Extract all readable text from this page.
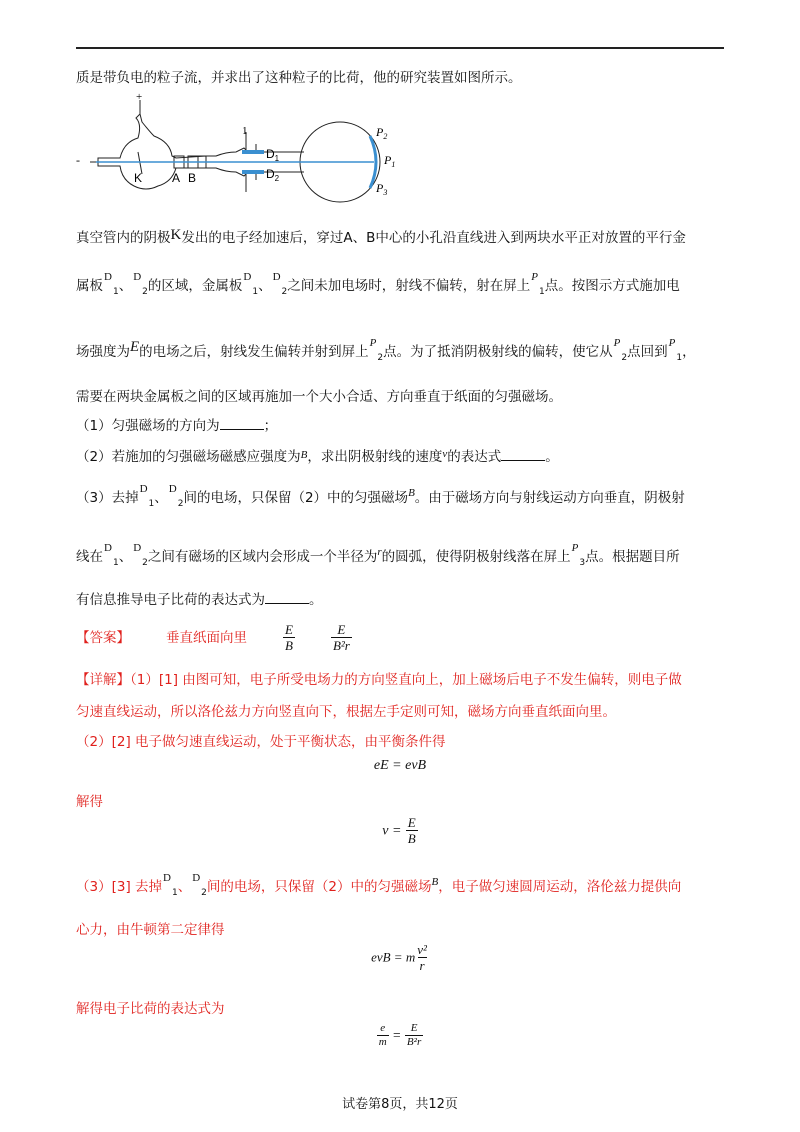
质是带负电的粒子流，并求出了这种粒子的比荷，他的研究装置如图所示。
-
+
1
K A B
$D_1$
$D_2$
$P_2$
$P_1$
$P_3$
真空管内的阴极K发出的电子经加速后，穿过A、B中心的小孔沿直线进入到两块水平正对放置的平行金
属板$^D_1$、$^D_2$的区域，金属板$^D_1$、$^D_2$之间未加电场时，射线不偏转，射在屏上$^P_1$点。按图示方式施加电
场强度为E的电场之后，射线发生偏转并射到屏上$^P_2$点。为了抵消阴极射线的偏转，使它从$^P_2$点回到$^P_1$，
需要在两块金属板之间的区域再施加一个大小合适、方向垂直于纸面的匀强磁场。
（1）匀强磁场的方向为	；
（2）若施加的匀强磁场磁感应强度为$^B$，求出阴极射线的速度$^v$的表达式	。
（3）去掉$^D_1$、$^D_2$间的电场，只保留（2）中的匀强磁场$^B$。由于磁场方向与射线运动方向垂直，阴极射
线在$^D_1$、$^D_2$之间有磁场的区域内会形成一个半径为$^r$的圆弧，使得阴极射线落在屏上$^P_3$点。根据题目所
有信息推导电子比荷的表达式为	。
【答案】	垂直纸面向里	$\frac{E}{B}$	$\frac{E}{\text{B²r}}$
【详解】（1）[1] 由图可知，电子所受电场力的方向竖直向上，加上磁场后电子不发生偏转，则电子做
匀速直线运动，所以洛伦兹力方向竖直向下，根据左手定则可知，磁场方向垂直纸面向里。
（2）[2] 电子做匀速直线运动，处于平衡状态，由平衡条件得
eE = evB
解得
$v = \frac{E}{B}$
（3）[3] 去掉$^D_1$、$^D_2$间的电场，只保留（2）中的匀强磁场$^B$，电子做匀速圆周运动，洛伦兹力提供向
心力，由牛顿第二定律得
evB = m $\frac{\text{v²}}{r}$
解得电子比荷的表达式为
$\frac{e}{m} = \frac{E}{\text{B²r}}$
试卷第8页，共12页
